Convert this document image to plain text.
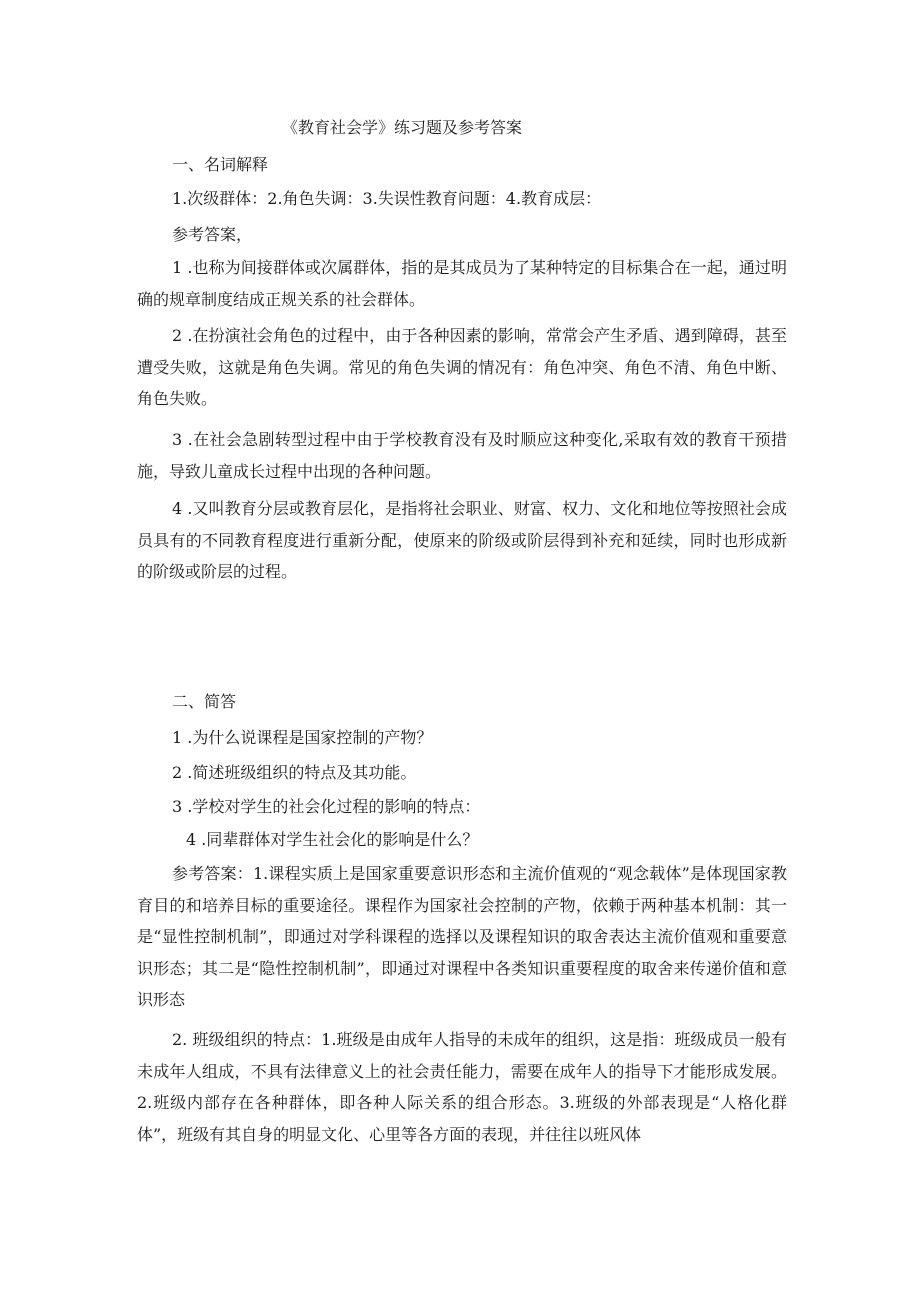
《教育社会学》练习题及参考答案
一、名词解释
1.次级群体：2.角色失调：3.失误性教育问题：4.教育成层：
参考答案，
1 .也称为间接群体或次属群体，指的是其成员为了某种特定的目标集合在一起，通过明确的规章制度结成正规关系的社会群体。
2 .在扮演社会角色的过程中，由于各种因素的影响，常常会产生矛盾、遇到障碍，甚至遭受失败，这就是角色失调。常见的角色失调的情况有：角色冲突、角色不清、角色中断、角色失败。
3 .在社会急剧转型过程中由于学校教育没有及时顺应这种变化,采取有效的教育干预措施，导致儿童成长过程中出现的各种问题。
4 .又叫教育分层或教育层化，是指将社会职业、财富、权力、文化和地位等按照社会成员具有的不同教育程度进行重新分配，使原来的阶级或阶层得到补充和延续，同时也形成新的阶级或阶层的过程。
二、简答
1 .为什么说课程是国家控制的产物？
2 .简述班级组织的特点及其功能。
3 .学校对学生的社会化过程的影响的特点：
4 .同辈群体对学生社会化的影响是什么？
参考答案：1.课程实质上是国家重要意识形态和主流价值观的“观念载体”是体现国家教育目的和培养目标的重要途径。课程作为国家社会控制的产物，依赖于两种基本机制：其一是“显性控制机制”，即通过对学科课程的选择以及课程知识的取舍表达主流价值观和重要意识形态；其二是“隐性控制机制”，即通过对课程中各类知识重要程度的取舍来传递价值和意识形态
2. 班级组织的特点：1.班级是由成年人指导的未成年的组织，这是指：班级成员一般有未成年人组成，不具有法律意义上的社会责任能力，需要在成年人的指导下才能形成发展。2.班级内部存在各种群体，即各种人际关系的组合形态。3.班级的外部表现是“人格化群体”，班级有其自身的明显文化、心里等各方面的表现，并往往以班风体
